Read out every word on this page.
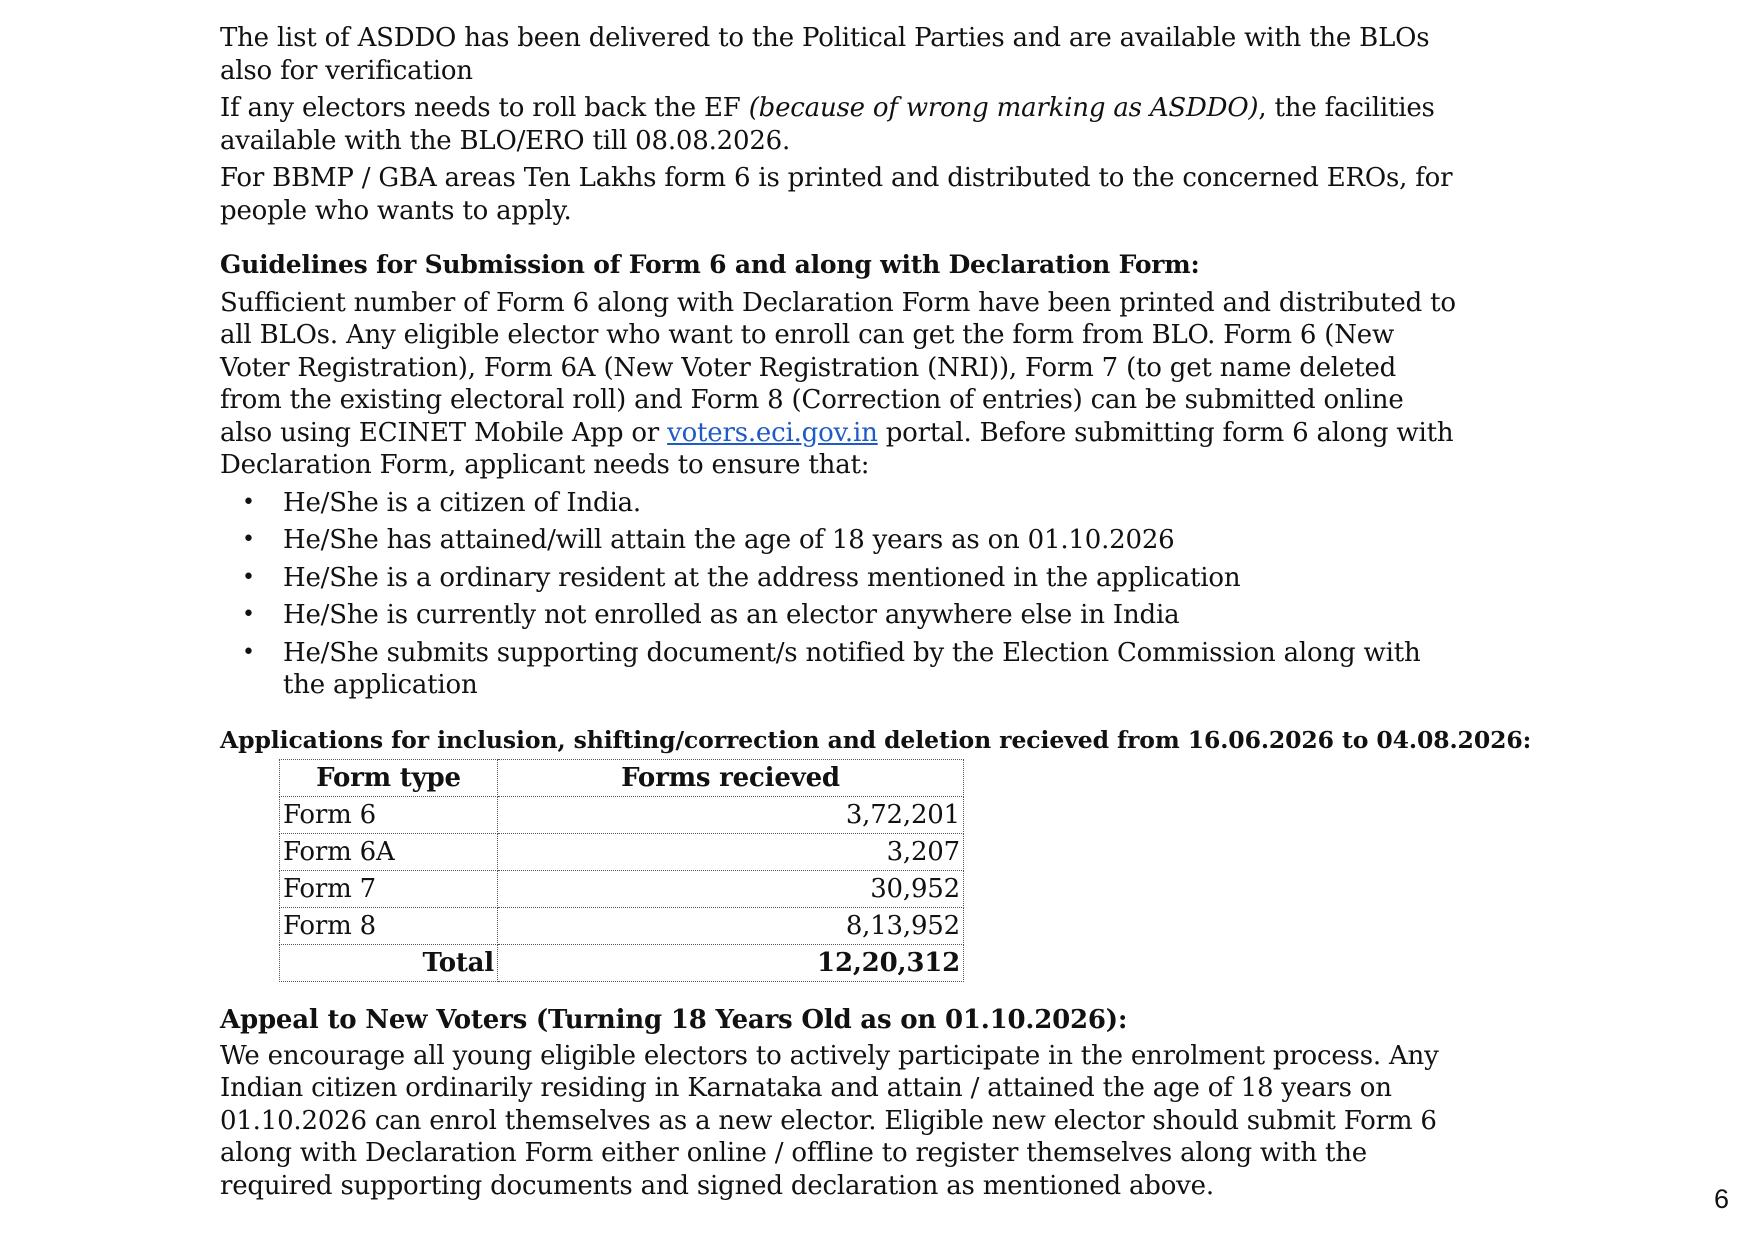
The list of ASDDO has been delivered to the Political Parties and are available with the BLOs also for verification

If any electors needs to roll back the EF (because of wrong marking as ASDDO), the facilities available with the BLO/ERO till 08.08.2026.

For BBMP / GBA areas Ten Lakhs form 6 is printed and distributed to the concerned EROs, for people who wants to apply.

Guidelines for Submission of Form 6 and along with Declaration Form:

Sufficient number of Form 6 along with Declaration Form have been printed and distributed to all BLOs. Any eligible elector who want to enroll can get the form from BLO. Form 6 (New Voter Registration), Form 6A (New Voter Registration (NRI)), Form 7 (to get name deleted from the existing electoral roll) and Form 8 (Correction of entries) can be submitted online also using ECINET Mobile App or voters.eci.gov.in portal. Before submitting form 6 along with Declaration Form, applicant needs to ensure that:

• He/She is a citizen of India.
• He/She has attained/will attain the age of 18 years as on 01.10.2026
• He/She is a ordinary resident at the address mentioned in the application
• He/She is currently not enrolled as an elector anywhere else in India
• He/She submits supporting document/s notified by the Election Commission along with the application

Applications for inclusion, shifting/correction and deletion recieved from 16.06.2026 to 04.08.2026:

Form type	Forms recieved
Form 6	3,72,201
Form 6A	3,207
Form 7	30,952
Form 8	8,13,952
Total	12,20,312

Appeal to New Voters (Turning 18 Years Old as on 01.10.2026):

We encourage all young eligible electors to actively participate in the enrolment process. Any Indian citizen ordinarily residing in Karnataka and attain / attained the age of 18 years on 01.10.2026 can enrol themselves as a new elector. Eligible new elector should submit Form 6 along with Declaration Form either online / offline to register themselves along with the required supporting documents and signed declaration as mentioned above.	6
